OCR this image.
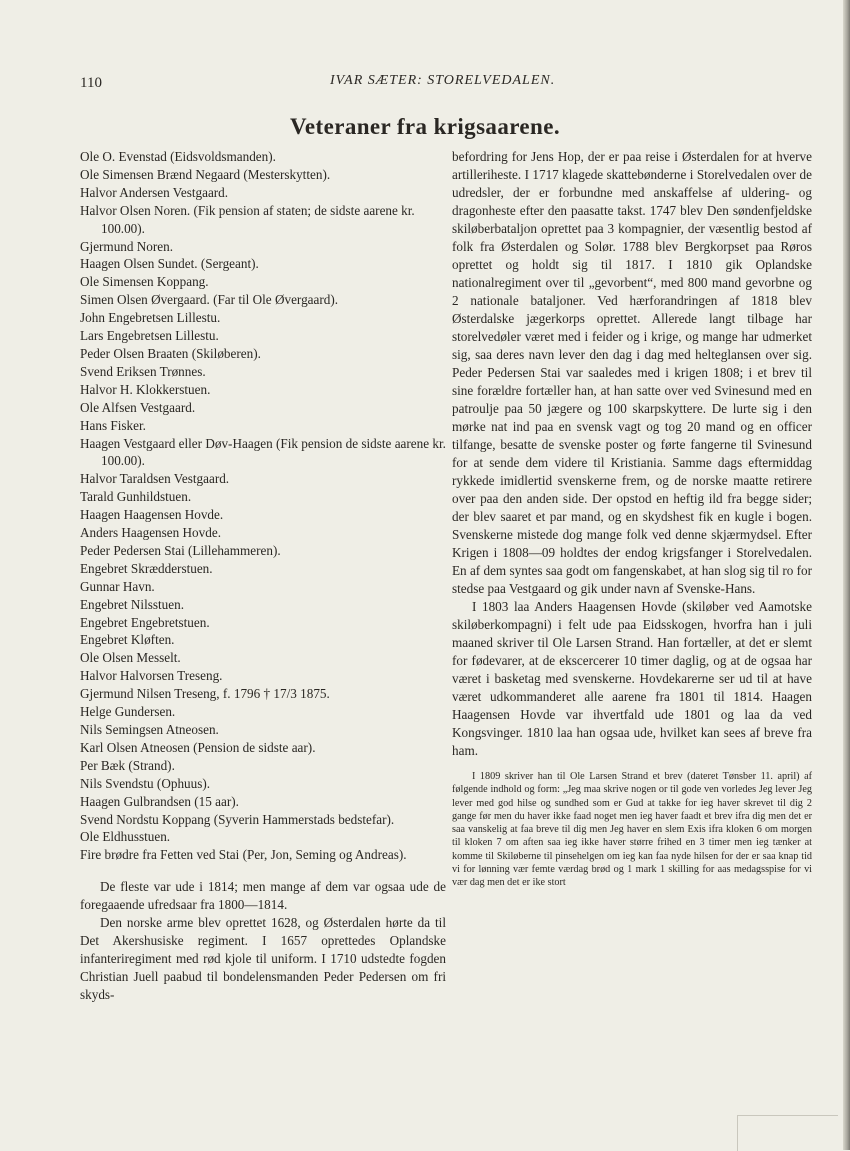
110	IVAR SÆTER: STORELVEDALEN.
Veteraner fra krigsaarene.
Ole O. Evenstad (Eidsvoldsmanden).
Ole Simensen Brænd Negaard (Mesterskytten).
Halvor Andersen Vestgaard.
Halvor Olsen Noren. (Fik pension af staten; de sidste aarene kr. 100.00).
Gjermund Noren.
Haagen Olsen Sundet. (Sergeant).
Ole Simensen Koppang.
Simen Olsen Øvergaard. (Far til Ole Øvergaard).
John Engebretsen Lillestu.
Lars Engebretsen Lillestu.
Peder Olsen Braaten (Skiløberen).
Svend Eriksen Trønnes.
Halvor H. Klokkerstuen.
Ole Alfsen Vestgaard.
Hans Fisker.
Haagen Vestgaard eller Døv-Haagen (Fik pension de sidste aarene kr. 100.00).
Halvor Taraldsen Vestgaard.
Tarald Gunhildstuen.
Haagen Haagensen Hovde.
Anders Haagensen Hovde.
Peder Pedersen Stai (Lillehammeren).
Engebret Skrædderstuen.
Gunnar Havn.
Engebret Nilsstuen.
Engebret Engebretstuen.
Engebret Kløften.
Ole Olsen Messelt.
Halvor Halvorsen Treseng.
Gjermund Nilsen Treseng, f. 1796 † 17/3 1875.
Helge Gundersen.
Nils Semingsen Atneosen.
Karl Olsen Atneosen (Pension de sidste aar).
Per Bæk (Strand).
Nils Svendstu (Ophuus).
Haagen Gulbrandsen (15 aar).
Svend Nordstu Koppang (Syverin Hammerstads bedstefar).
Ole Eldhusstuen.
Fire brødre fra Fetten ved Stai (Per, Jon, Seming og Andreas).

De fleste var ude i 1814; men mange af dem var ogsaa ude de foregaaende ufredsaar fra 1800—1814.

Den norske arme blev oprettet 1628, og Østerdalen hørte da til Det Akershusiske regiment. I 1657 oprettedes Oplandske infanteriregiment med rød kjole til uniform. I 1710 udstedte fogden Christian Juell paabud til bondelensmanden Peder Pedersen om fri skyds-

befordring for Jens Hop, der er paa reise i Østerdalen for at hverve artilleriheste. I 1717 klagede skattebønderne i Storelvedalen over de udredsler, der er forbundne med anskaffelse af uldering- og dragonheste efter den paasatte takst. 1747 blev Den søndenfjeldske skiløberbataljon oprettet paa 3 kompagnier, der væsentlig bestod af folk fra Østerdalen og Solør. 1788 blev Bergkorpset paa Røros oprettet og holdt sig til 1817. I 1810 gik Oplandske nationalregiment over til „gevorbent“, med 800 mand gevorbne og 2 nationale bataljoner. Ved hærforandringen af 1818 blev Østerdalske jægerkorps oprettet. Allerede langt tilbage har storelvedøler været med i feider og i krige, og mange har udmerket sig, saa deres navn lever den dag i dag med helteglansen over sig. Peder Pedersen Stai var saaledes med i krigen 1808; i et brev til sine forældre fortæller han, at han satte over ved Svinesund med en patroulje paa 50 jægere og 100 skarpskyttere. De lurte sig i den mørke nat ind paa en svensk vagt og tog 20 mand og en officer tilfange, besatte de svenske poster og førte fangerne til Svinesund for at sende dem videre til Kristiania. Samme dags eftermiddag rykkede imidlertid svenskerne frem, og de norske maatte retirere over paa den anden side. Der opstod en heftig ild fra begge sider; der blev saaret et par mand, og en skydshest fik en kugle i bogen. Svenskerne mistede dog mange folk ved denne skjærmydsel. Efter Krigen i 1808—09 holdtes der endog krigsfanger i Storelvedalen. En af dem syntes saa godt om fangenskabet, at han slog sig til ro for stedse paa Vestgaard og gik under navn af Svenske-Hans.

I 1803 laa Anders Haagensen Hovde (skiløber ved Aamotske skiløberkompagni) i felt ude paa Eidsskogen, hvorfra han i juli maaned skriver til Ole Larsen Strand. Han fortæller, at det er slemt for fødevarer, at de ekscercerer 10 timer daglig, og at de ogsaa har været i basketag med svenskerne. Hovdekarerne ser ud til at have været udkommanderet alle aarene fra 1801 til 1814. Haagen Haagensen Hovde var ihvertfald ude 1801 og laa da ved Kongsvinger. 1810 laa han ogsaa ude, hvilket kan sees af breve fra ham.

I 1809 skriver han til Ole Larsen Strand et brev (dateret Tønsber 11. april) af følgende indhold og form: „Jeg maa skrive nogen or til gode ven vorledes Jeg lever Jeg lever med god hilse og sundhed som er Gud at takke for ieg haver skrevet til dig 2 gange før men du haver ikke faad noget men ieg haver faadt et brev ifra dig men det er saa vanskelig at faa breve til dig men Jeg haver en slem Exis ifra kloken 6 om morgen til kloken 7 om aften saa ieg ikke haver større frihed en 3 timer men ieg tænker at komme til Skiløberne til pinsehelgen om ieg kan faa nyde hilsen for der er saa knap tid vi for lønning vær femte værdag brød og 1 mark 1 skilling for aas medagsspise for vi vær dag men det er ike stort
